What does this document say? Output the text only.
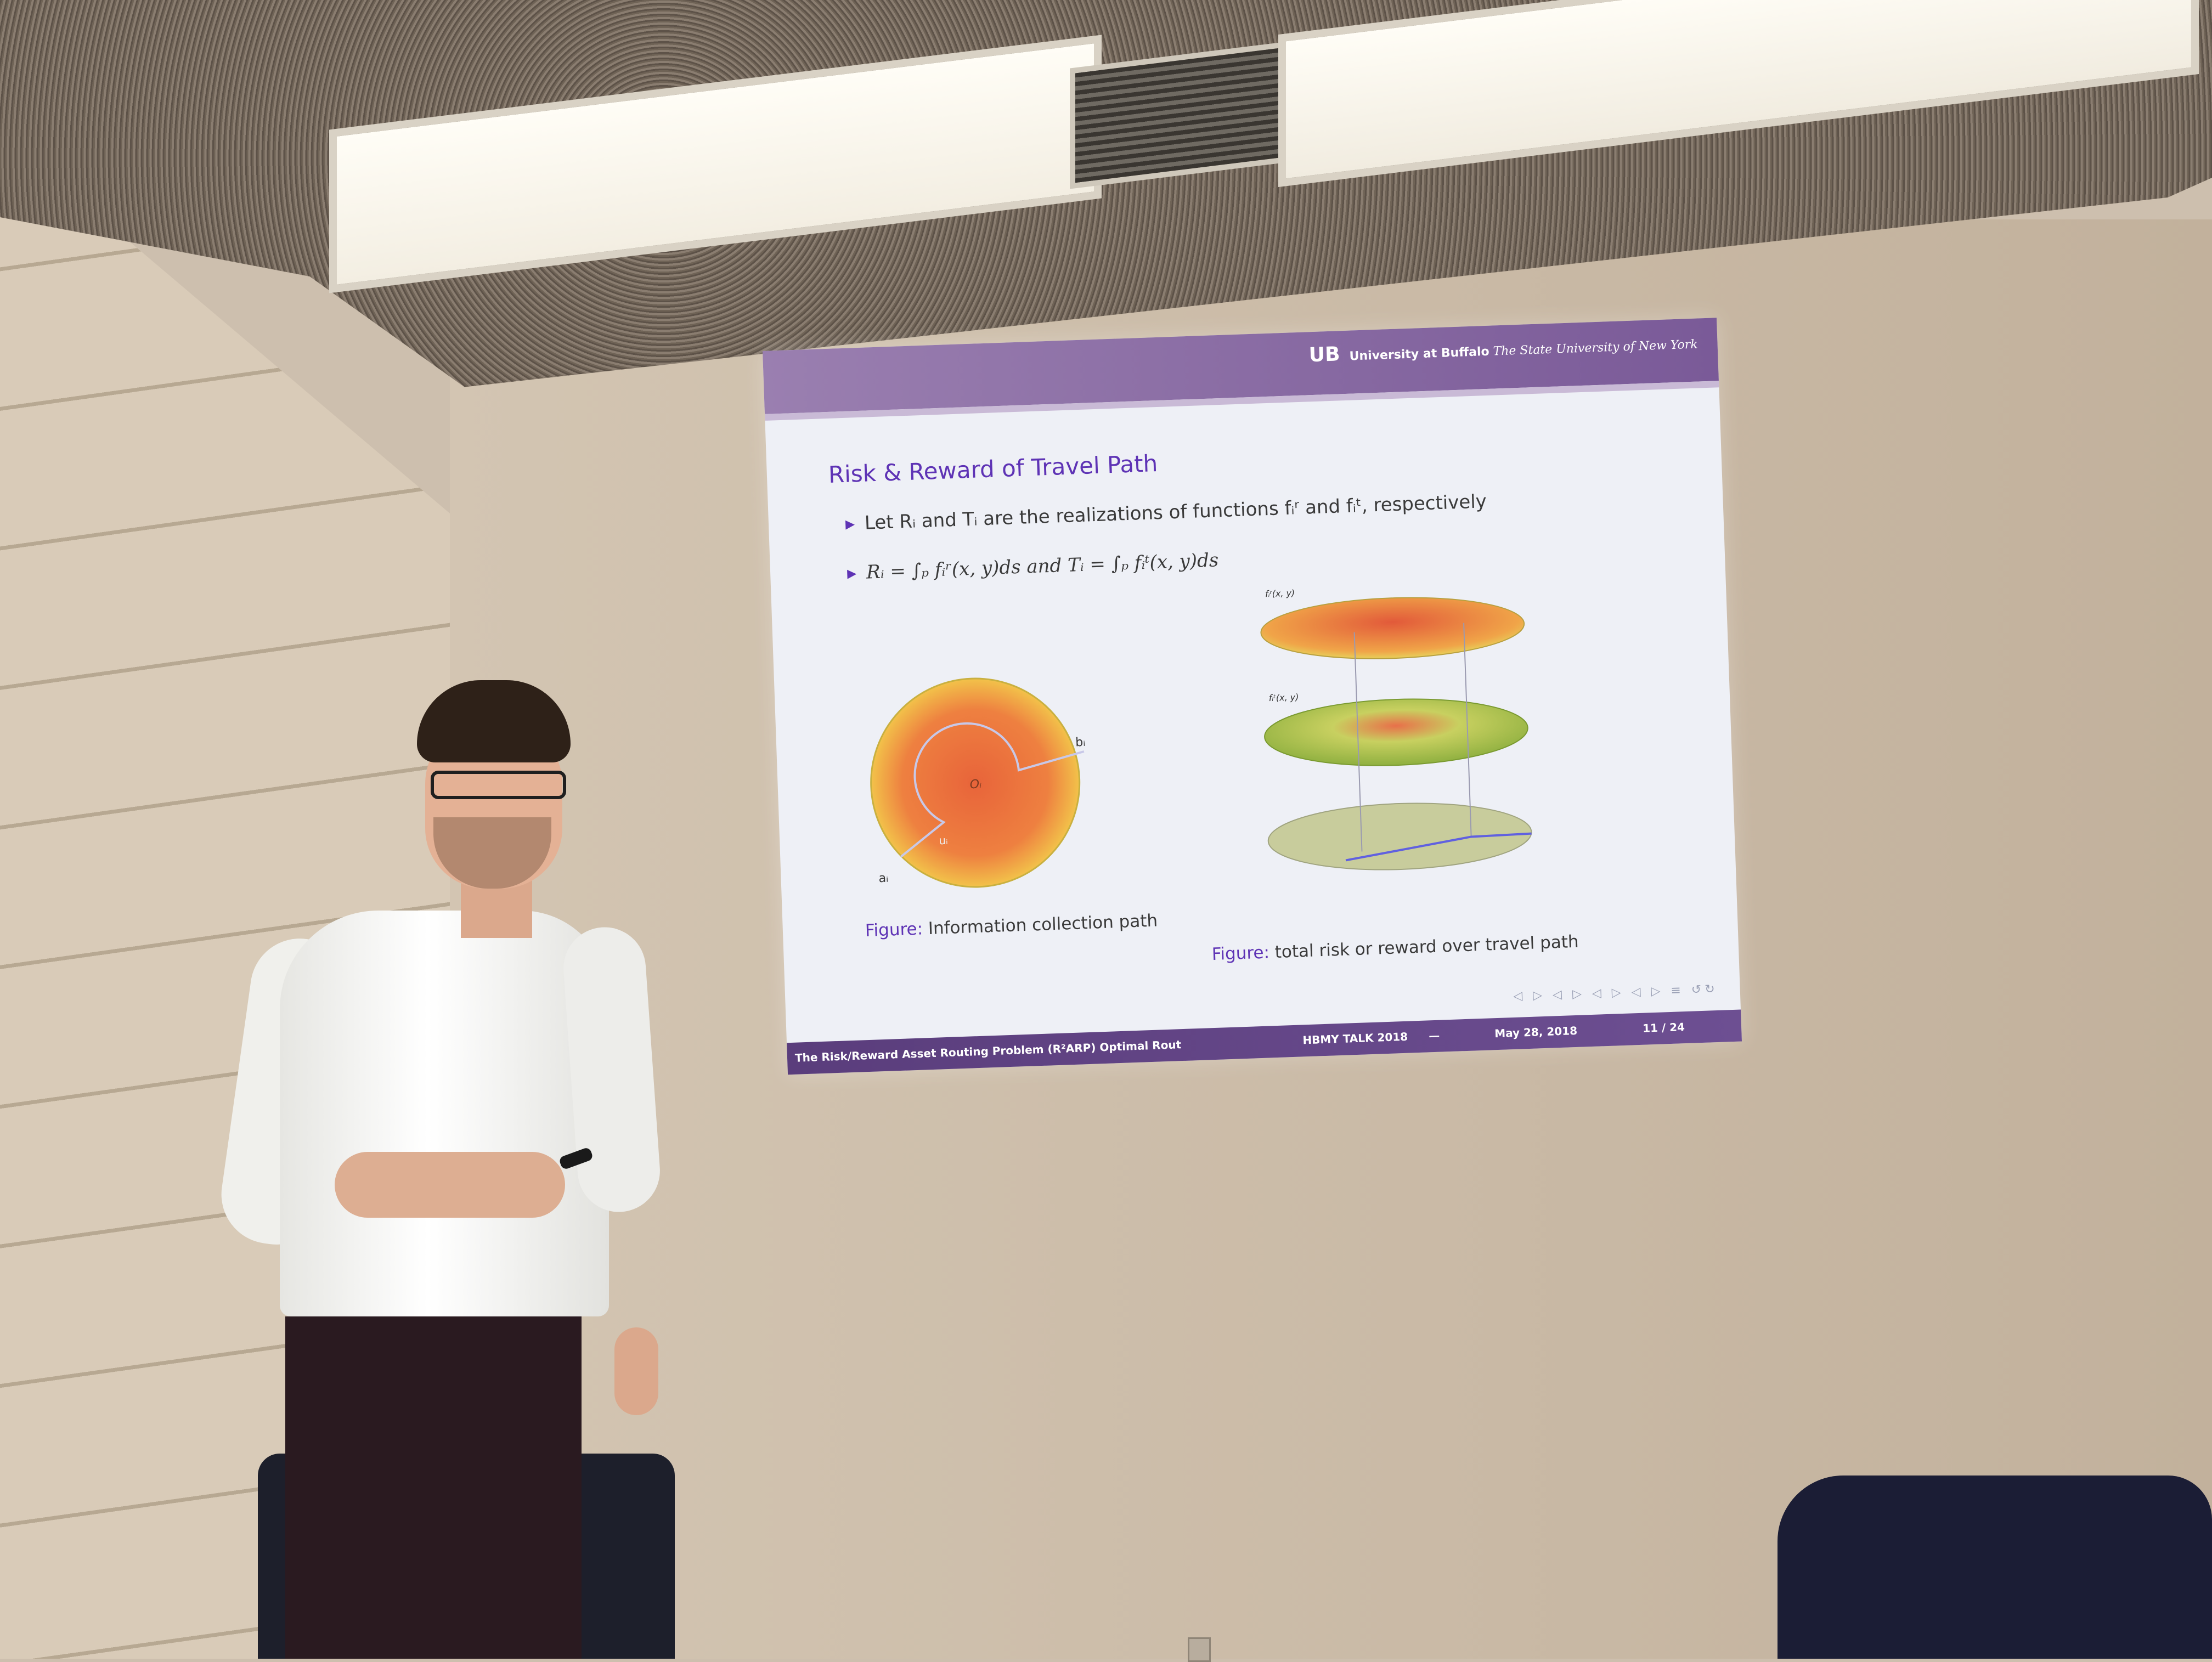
UB University at Buffalo The State University of New York
Risk & Reward of Travel Path
▶ Let Rᵢ and Tᵢ are the realizations of functions fᵢʳ and fᵢᵗ, respectively
▶ Rᵢ = ∫ₚ fᵢʳ(x, y)ds and Tᵢ = ∫ₚ fᵢᵗ(x, y)ds
aᵢ
bᵢ
uᵢ
Oᵢ
fᵢʳ(x, y)
fᵢᵗ(x, y)
Figure: Information collection path
Figure: total risk or reward over travel path
◁ ▷ ◁ ▷ ◁ ▷ ◁ ▷ ≡ ↺↻
The Risk/Reward Asset Routing Problem (R²ARP) Optimal Rout	HBMY TALK 2018 —	May 28, 2018	11 / 24
